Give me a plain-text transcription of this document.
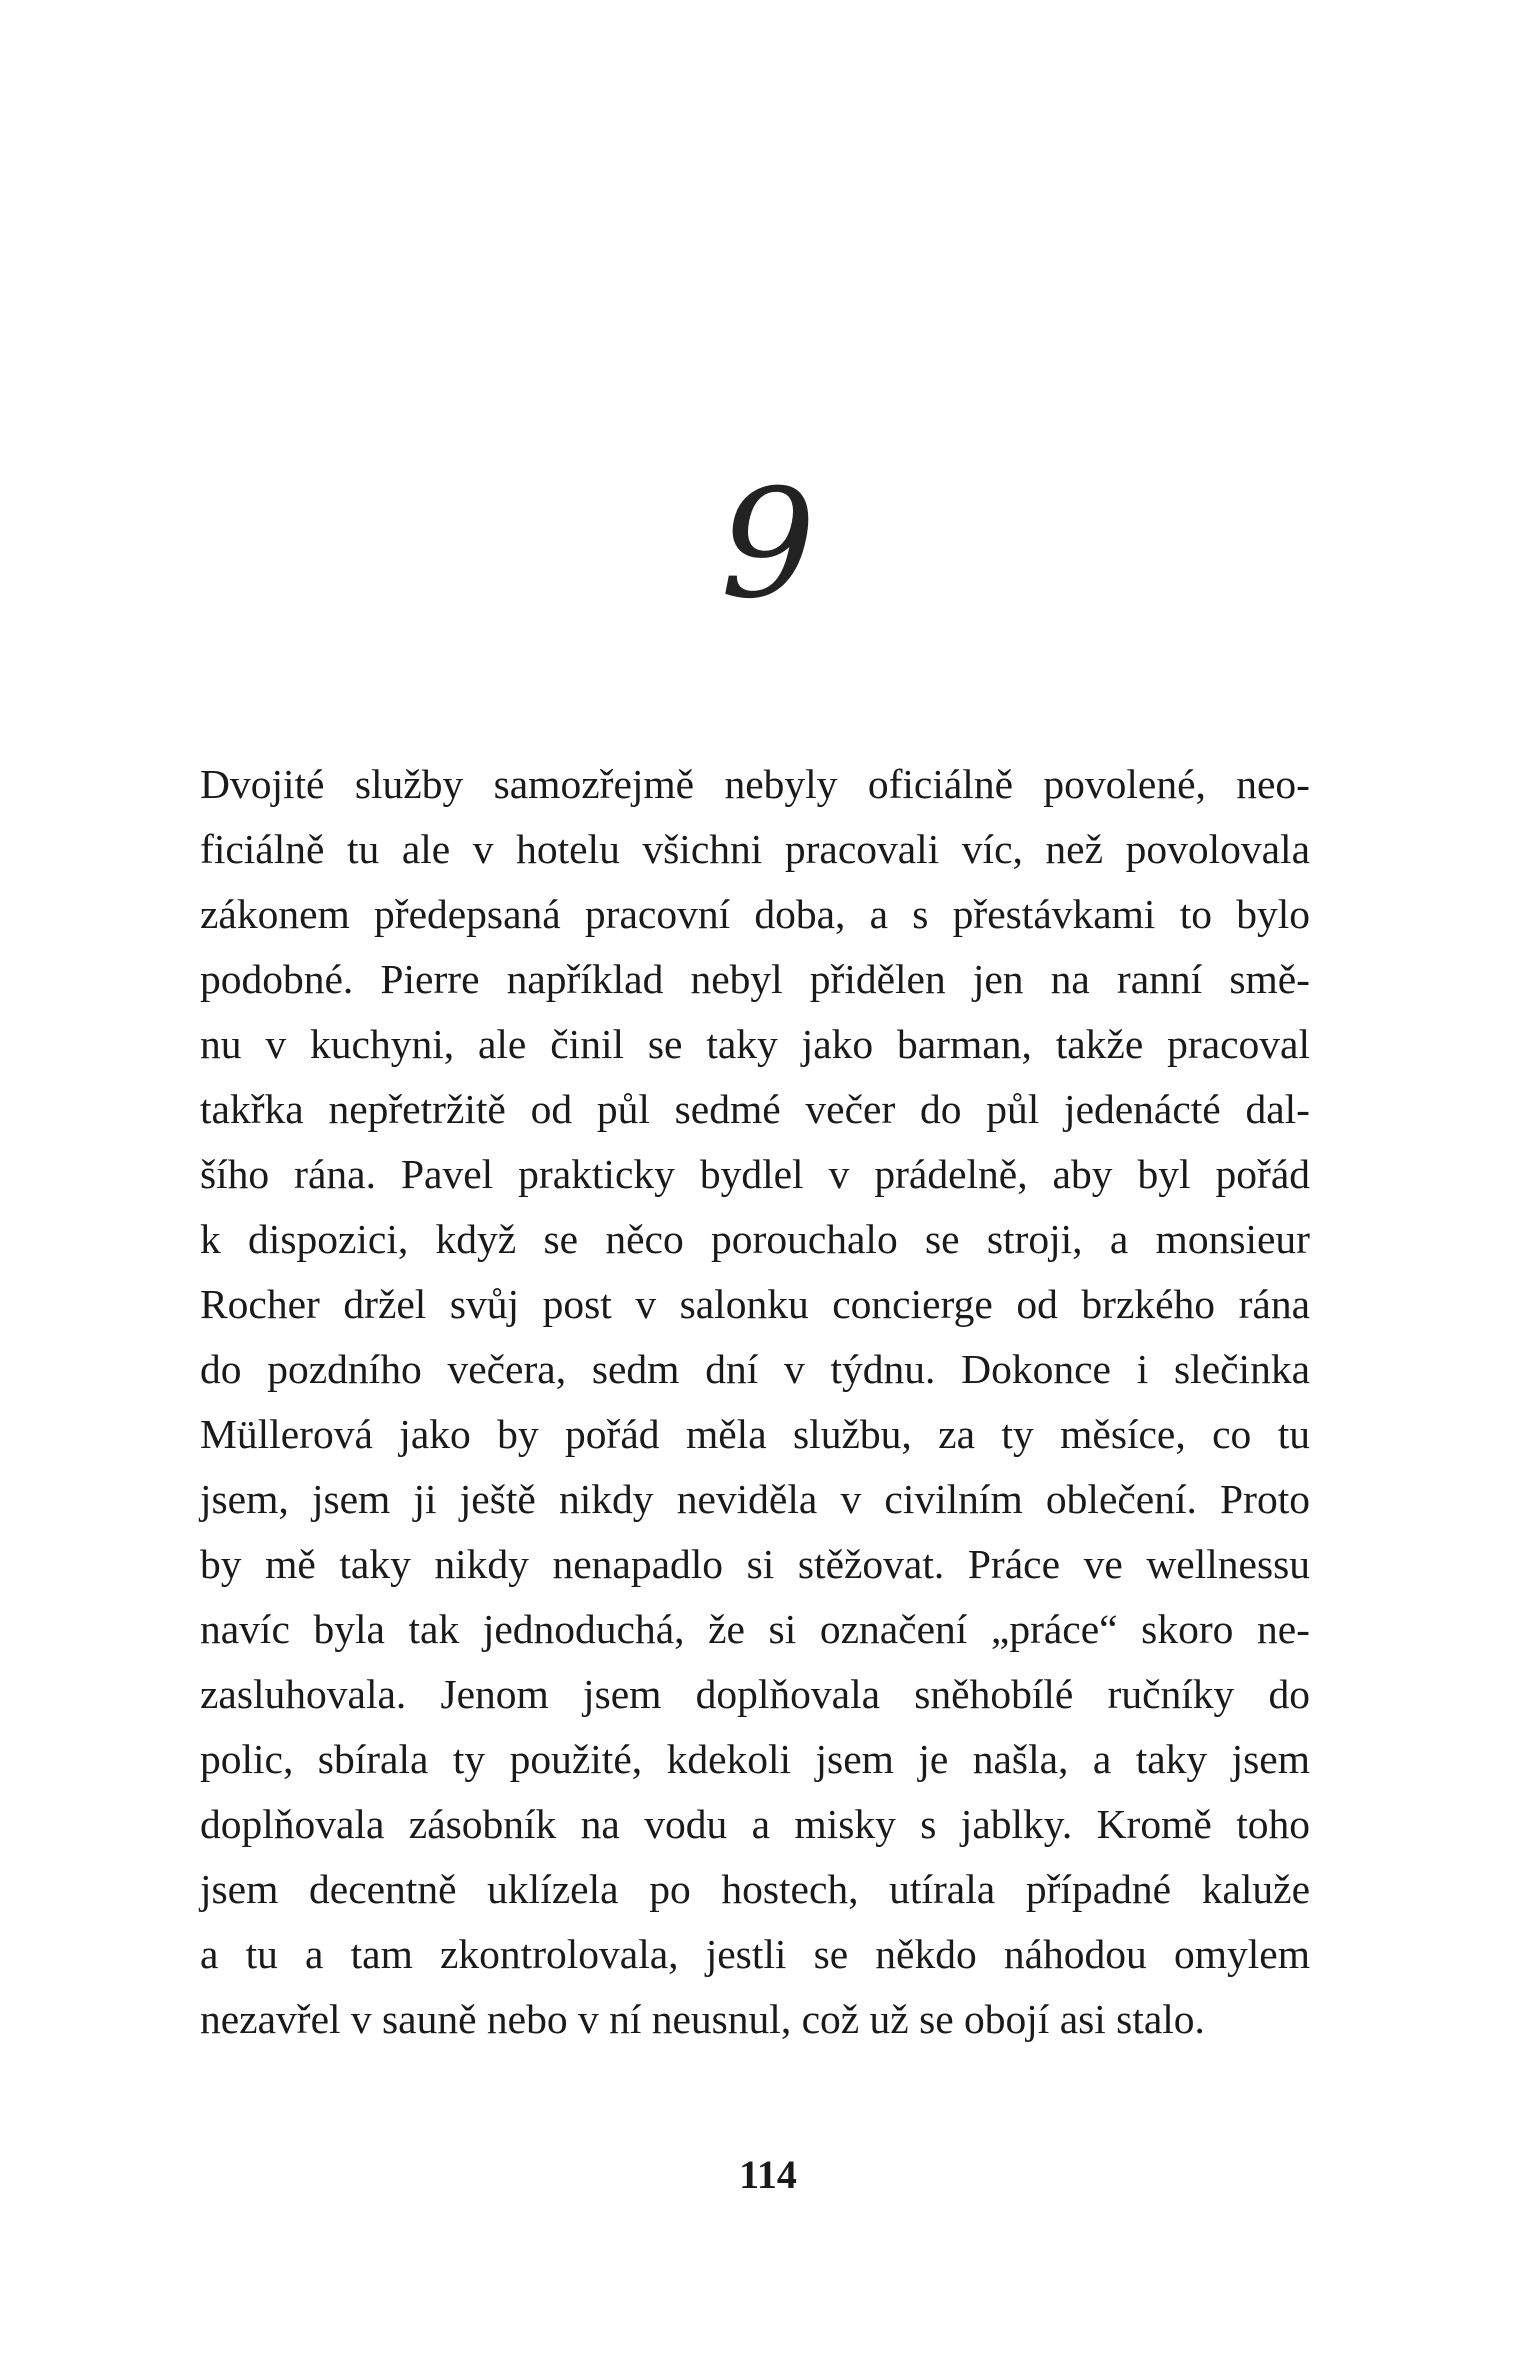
9
Dvojité služby samozřejmě nebyly oficiálně povolené, neo-
ficiálně tu ale v hotelu všichni pracovali víc, než povolovala
zákonem předepsaná pracovní doba, a s přestávkami to bylo
podobné. Pierre například nebyl přidělen jen na ranní smě-
nu v kuchyni, ale činil se taky jako barman, takže pracoval
takřka nepřetržitě od půl sedmé večer do půl jedenácté dal-
šího rána. Pavel prakticky bydlel v prádelně, aby byl pořád
k dispozici, když se něco porouchalo se stroji, a monsieur
Rocher držel svůj post v salonku concierge od brzkého rána
do pozdního večera, sedm dní v týdnu. Dokonce i slečinka
Müllerová jako by pořád měla službu, za ty měsíce, co tu
jsem, jsem ji ještě nikdy neviděla v civilním oblečení. Proto
by mě taky nikdy nenapadlo si stěžovat. Práce ve wellnessu
navíc byla tak jednoduchá, že si označení „práce“ skoro ne-
zasluhovala. Jenom jsem doplňovala sněhobílé ručníky do
polic, sbírala ty použité, kdekoli jsem je našla, a taky jsem
doplňovala zásobník na vodu a misky s jablky. Kromě toho
jsem decentně uklízela po hostech, utírala případné kaluže
a tu a tam zkontrolovala, jestli se někdo náhodou omylem
nezavřel v sauně nebo v ní neusnul, což už se obojí asi stalo.
114
